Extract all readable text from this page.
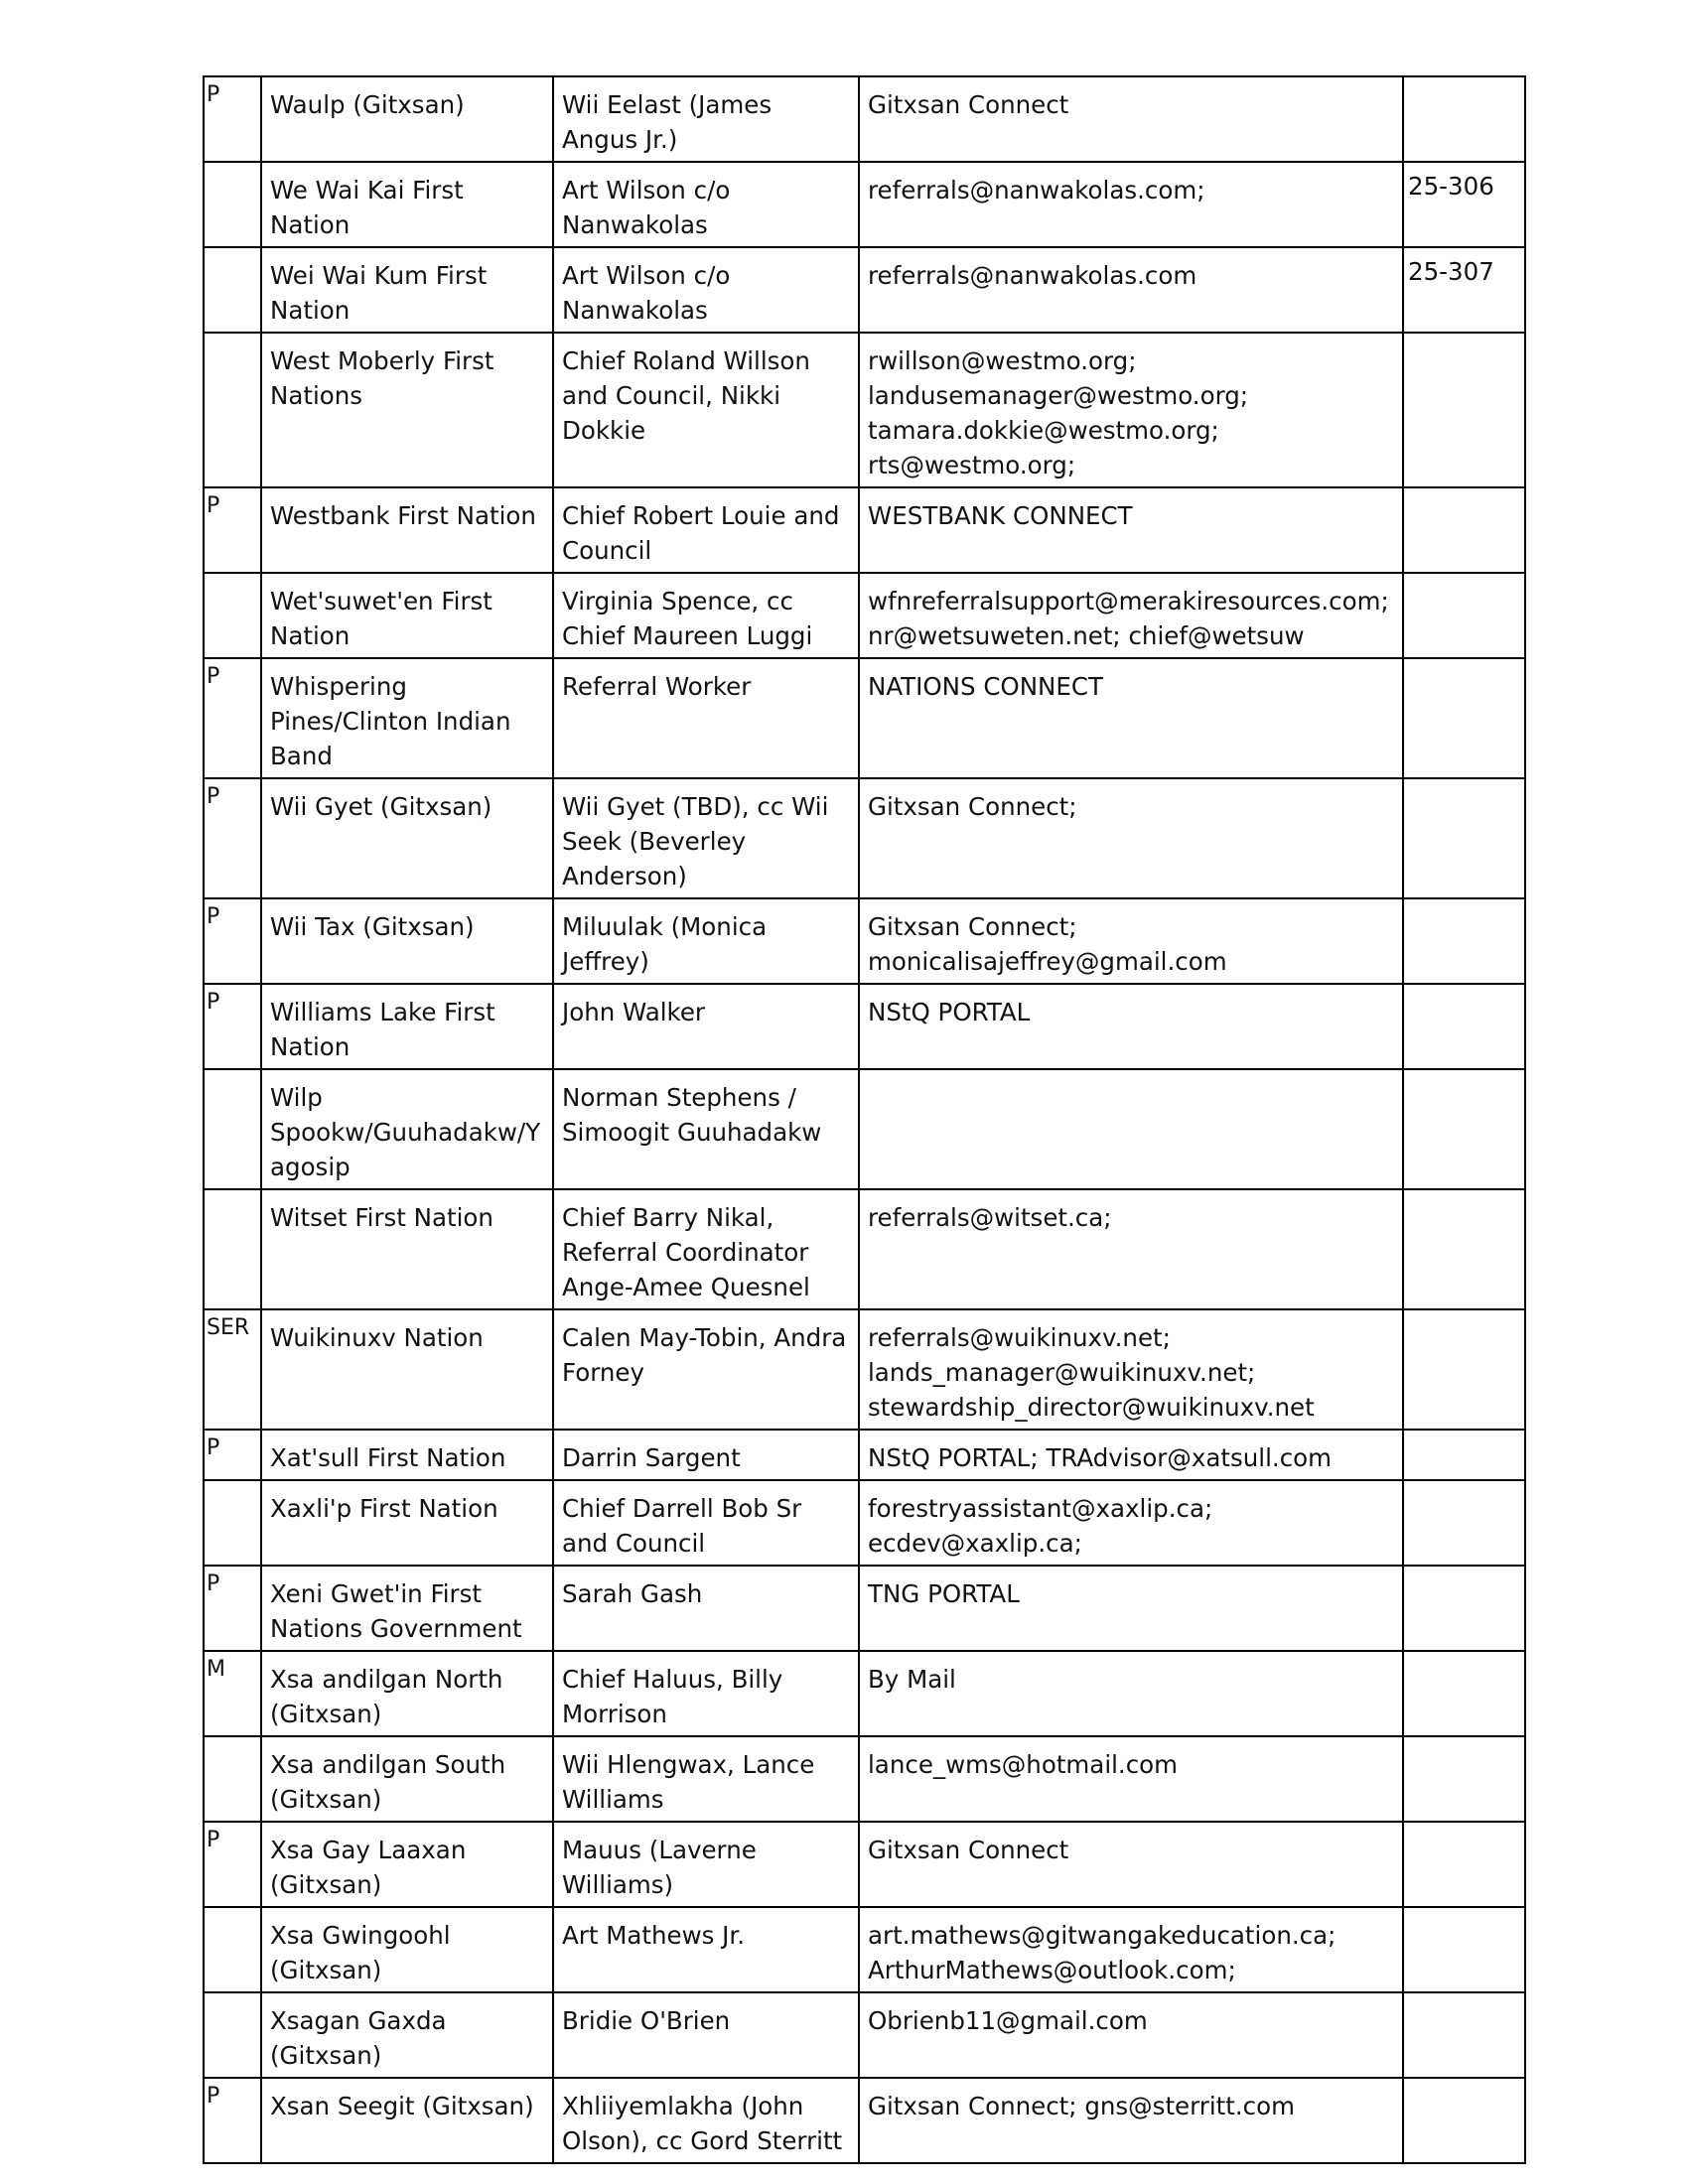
P	Waulp (Gitxsan)	Wii Eelast (James Angus Jr.)	Gitxsan Connect	
	We Wai Kai First Nation	Art Wilson c/o Nanwakolas	referrals@nanwakolas.com;	25-306
	Wei Wai Kum First Nation	Art Wilson c/o Nanwakolas	referrals@nanwakolas.com	25-307
	West Moberly First Nations	Chief Roland Willson and Council, Nikki Dokkie	rwillson@westmo.org; landusemanager@westmo.org; tamara.dokkie@westmo.org; rts@westmo.org;	
P	Westbank First Nation	Chief Robert Louie and Council	WESTBANK CONNECT	
	Wet'suwet'en First Nation	Virginia Spence, cc Chief Maureen Luggi	wfnreferralsupport@merakiresources.com; nr@wetsuweten.net; chief@wetsuw	
P	Whispering Pines/Clinton Indian Band	Referral Worker	NATIONS CONNECT	
P	Wii Gyet (Gitxsan)	Wii Gyet (TBD), cc Wii Seek (Beverley Anderson)	Gitxsan Connect;	
P	Wii Tax (Gitxsan)	Miluulak (Monica Jeffrey)	Gitxsan Connect; monicalisajeffrey@gmail.com	
P	Williams Lake First Nation	John Walker	NStQ PORTAL	
	Wilp Spookw/Guuhadakw/Yagosip	Norman Stephens / Simoogit Guuhadakw		
	Witset First Nation	Chief Barry Nikal, Referral Coordinator Ange-Amee Quesnel	referrals@witset.ca;	
SER	Wuikinuxv Nation	Calen May-Tobin, Andra Forney	referrals@wuikinuxv.net; lands_manager@wuikinuxv.net; stewardship_director@wuikinuxv.net	
P	Xat'sull First Nation	Darrin Sargent	NStQ PORTAL; TRAdvisor@xatsull.com	
	Xaxli'p First Nation	Chief Darrell Bob Sr and Council	forestryassistant@xaxlip.ca; ecdev@xaxlip.ca;	
P	Xeni Gwet'in First Nations Government	Sarah Gash	TNG PORTAL	
M	Xsa andilgan North (Gitxsan)	Chief Haluus, Billy Morrison	By Mail	
	Xsa andilgan South (Gitxsan)	Wii Hlengwax, Lance Williams	lance_wms@hotmail.com	
P	Xsa Gay Laaxan (Gitxsan)	Mauus (Laverne Williams)	Gitxsan Connect	
	Xsa Gwingoohl (Gitxsan)	Art Mathews Jr.	art.mathews@gitwangakeducation.ca; ArthurMathews@outlook.com;	
	Xsagan Gaxda (Gitxsan)	Bridie O'Brien	Obrienb11@gmail.com	
P	Xsan Seegit (Gitxsan)	Xhliiyemlakha (John Olson), cc Gord Sterritt	Gitxsan Connect; gns@sterritt.com	
